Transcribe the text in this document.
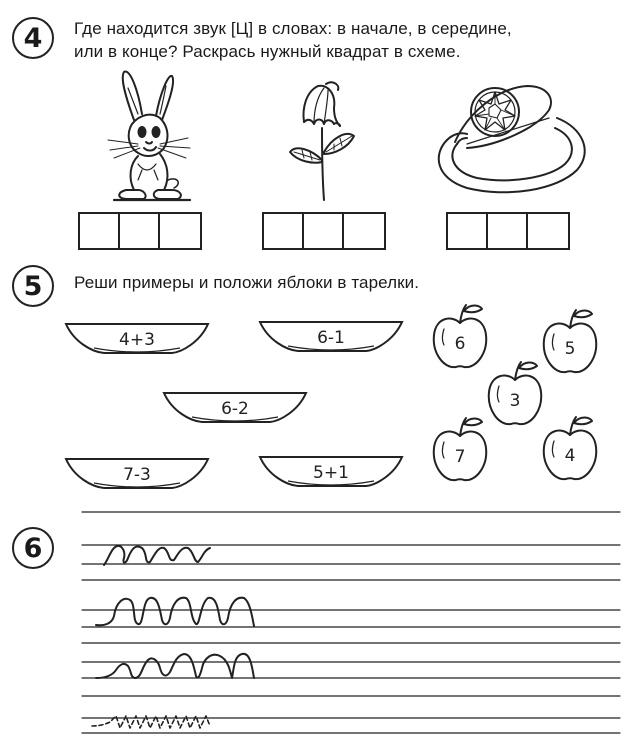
4 Где находится звук [Ц] в словах: в начале, в середине,
или в конце? Раскрась нужный квадрат в схеме.
5 Реши примеры и положи яблоки в тарелки.
4+3	6-1
6-2
7-3	5+1
6	5
3
7	4
6
